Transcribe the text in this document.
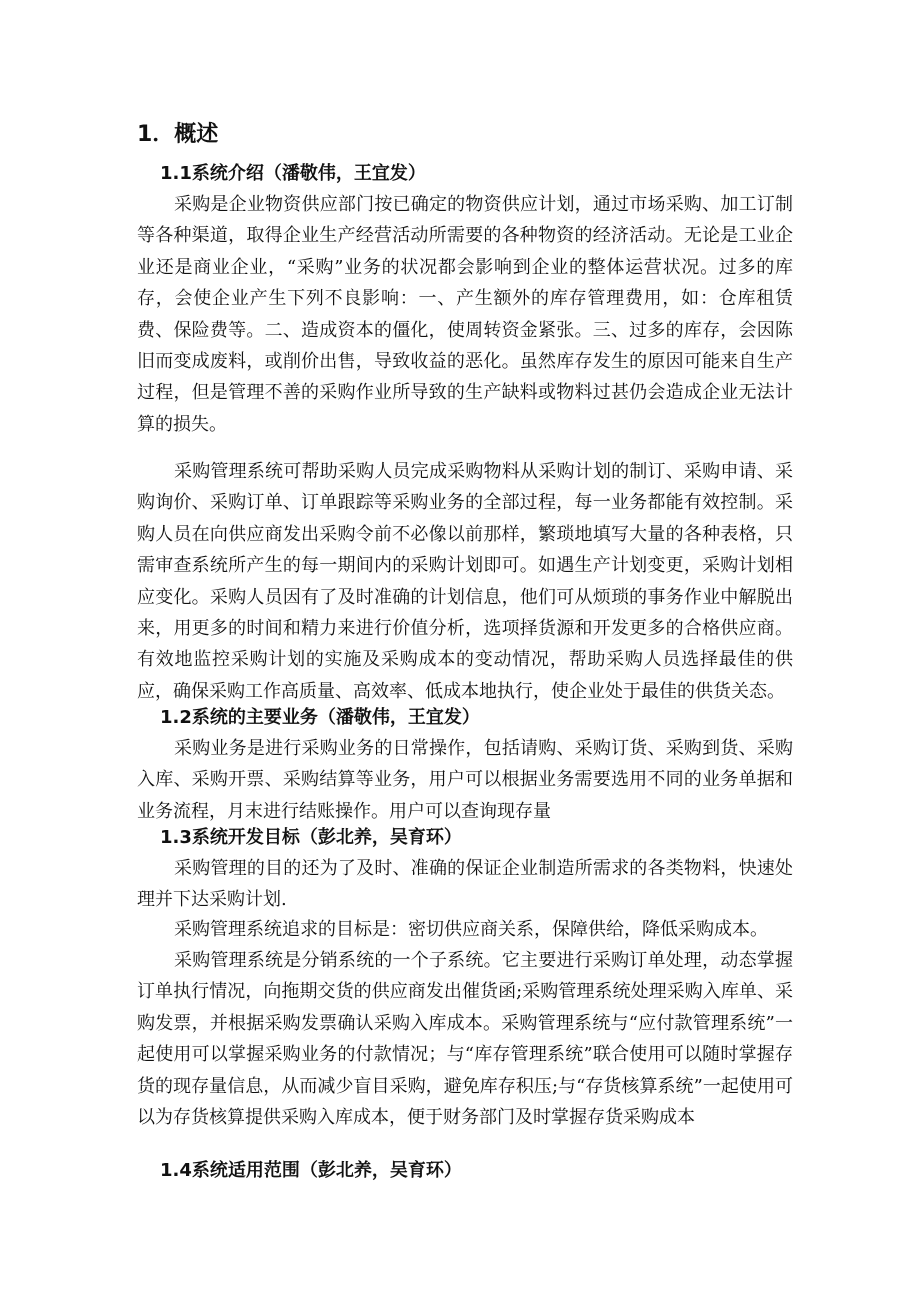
1．概述
1.1系统介绍（潘敬伟，王宜发）

采购是企业物资供应部门按已确定的物资供应计划，通过市场采购、加工订制等各种渠道，取得企业生产经营活动所需要的各种物资的经济活动。无论是工业企业还是商业企业，“采购”业务的状况都会影响到企业的整体运营状况。过多的库存，会使企业产生下列不良影响：一、产生额外的库存管理费用，如：仓库租赁费、保险费等。二、造成资本的僵化，使周转资金紧张。三、过多的库存，会因陈旧而变成废料，或削价出售，导致收益的恶化。虽然库存发生的原因可能来自生产过程，但是管理不善的采购作业所导致的生产缺料或物料过甚仍会造成企业无法计算的损失。

采购管理系统可帮助采购人员完成采购物料从采购计划的制订、采购申请、采购询价、采购订单、订单跟踪等采购业务的全部过程，每一业务都能有效控制。采购人员在向供应商发出采购令前不必像以前那样，繁琐地填写大量的各种表格，只需审查系统所产生的每一期间内的采购计划即可。如遇生产计划变更，采购计划相应变化。采购人员因有了及时准确的计划信息，他们可从烦琐的事务作业中解脱出来，用更多的时间和精力来进行价值分析，选项择货源和开发更多的合格供应商。有效地监控采购计划的实施及采购成本的变动情况，帮助采购人员选择最佳的供应，确保采购工作高质量、高效率、低成本地执行，使企业处于最佳的供货关态。

1.2系统的主要业务（潘敬伟，王宜发）

采购业务是进行采购业务的日常操作，包括请购、采购订货、采购到货、采购入库、采购开票、采购结算等业务，用户可以根据业务需要选用不同的业务单据和业务流程，月末进行结账操作。用户可以查询现存量

1.3系统开发目标（彭北养，吴育环）

采购管理的目的还为了及时、准确的保证企业制造所需求的各类物料，快速处理并下达采购计划.

采购管理系统追求的目标是：密切供应商关系，保障供给，降低采购成本。

采购管理系统是分销系统的一个子系统。它主要进行采购订单处理，动态掌握订单执行情况，向拖期交货的供应商发出催货函;采购管理系统处理采购入库单、采购发票，并根据采购发票确认采购入库成本。采购管理系统与“应付款管理系统”一起使用可以掌握采购业务的付款情况；与“库存管理系统”联合使用可以随时掌握存货的现存量信息，从而减少盲目采购，避免库存积压;与“存货核算系统”一起使用可以为存货核算提供采购入库成本，便于财务部门及时掌握存货采购成本

1.4系统适用范围（彭北养，吴育环）
